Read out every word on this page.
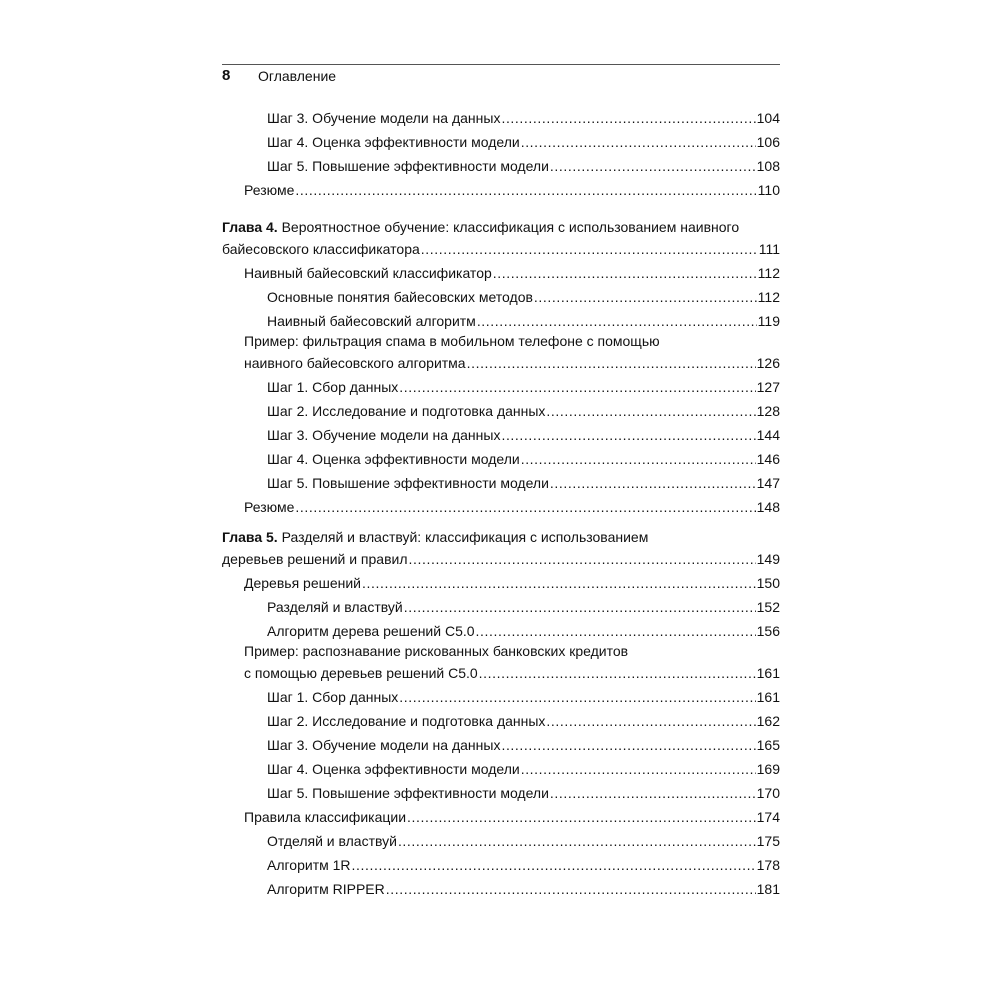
8 Оглавление
Шаг 3. Обучение модели на данных .....	104
Шаг 4. Оценка эффективности модели .....	106
Шаг 5. Повышение эффективности модели .....	108
Резюме .....	110
Глава 4. Вероятностное обучение: классификация с использованием наивного
байесовского классификатора .....	111
Наивный байесовский классификатор .....	112
Основные понятия байесовских методов .....	112
Наивный байесовский алгоритм .....	119
Пример: фильтрация спама в мобильном телефоне с помощью
наивного байесовского алгоритма .....	126
Шаг 1. Сбор данных .....	127
Шаг 2. Исследование и подготовка данных .....	128
Шаг 3. Обучение модели на данных .....	144
Шаг 4. Оценка эффективности модели .....	146
Шаг 5. Повышение эффективности модели .....	147
Резюме .....	148
Глава 5. Разделяй и властвуй: классификация с использованием
деревьев решений и правил .....	149
Деревья решений .....	150
Разделяй и властвуй .....	152
Алгоритм дерева решений C5.0 .....	156
Пример: распознавание рискованных банковских кредитов
с помощью деревьев решений C5.0 .....	161
Шаг 1. Сбор данных .....	161
Шаг 2. Исследование и подготовка данных .....	162
Шаг 3. Обучение модели на данных .....	165
Шаг 4. Оценка эффективности модели .....	169
Шаг 5. Повышение эффективности модели .....	170
Правила классификации .....	174
Отделяй и властвуй .....	175
Алгоритм 1R .....	178
Алгоритм RIPPER .....	181
